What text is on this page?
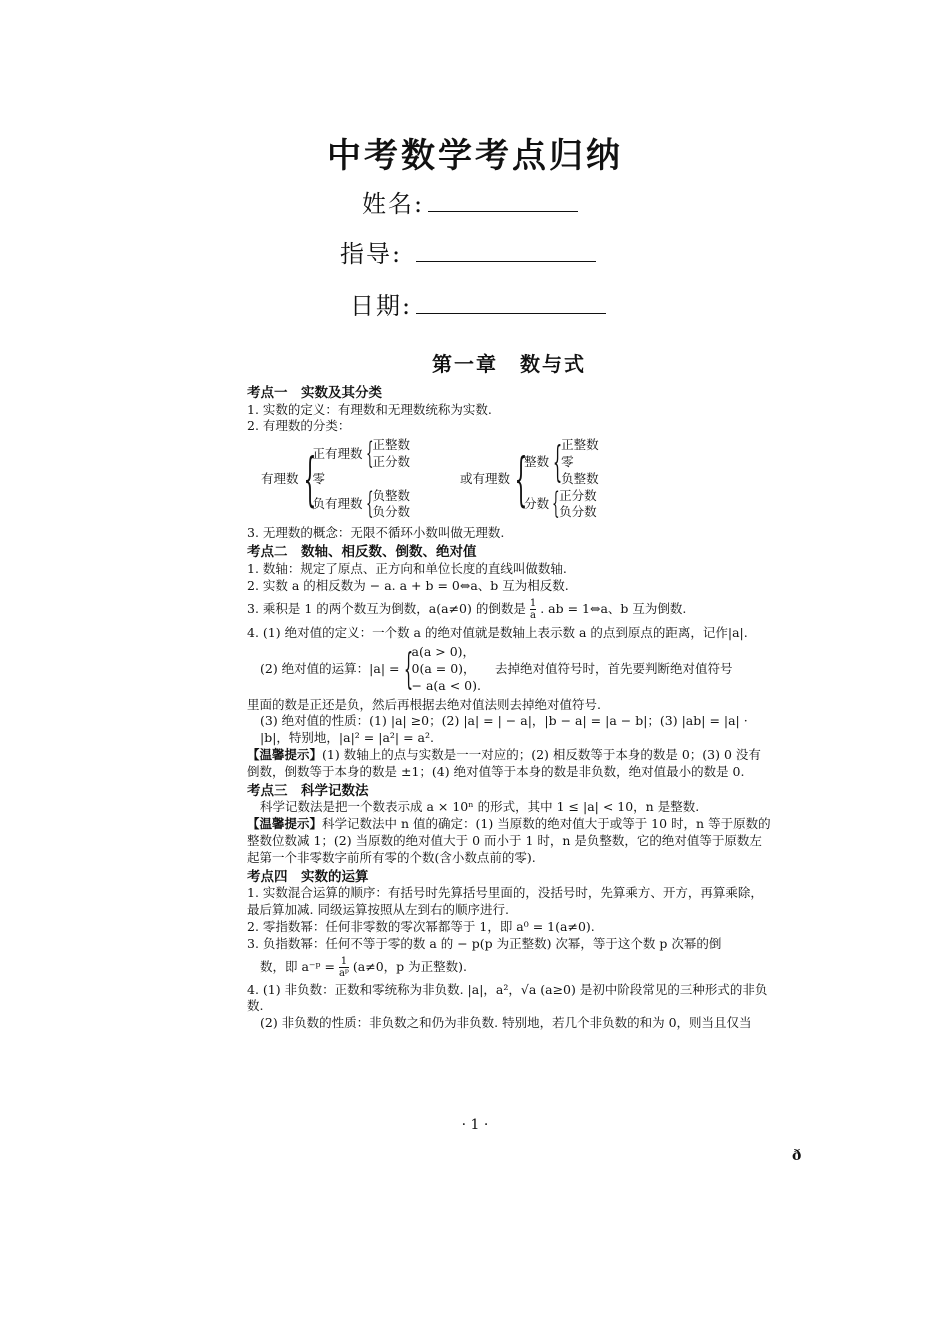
中考数学考点归纳
姓名:
指导:
日期:
第一章　数与式
考点一　实数及其分类

1. 实数的定义：有理数和无理数统称为实数.

2. 有理数的分类：

有理数 {
正有理数 { 正整数
正分数
零
负有理数 { 负整数
负分数
或有理数 {
整数 {
正整数
零
负整数
分数 { 正分数
负分数

3. 无理数的概念：无限不循环小数叫做无理数.

考点二　数轴、相反数、倒数、绝对值

1. 数轴：规定了原点、正方向和单位长度的直线叫做数轴.

2. 实数 a 的相反数为 − a. a + b = 0⇔a、b 互为相反数.

3. 乘积是 1 的两个数互为倒数，a(a≠0) 的倒数是 $\frac{1}{a}$ . ab = 1⇔a、b 互为倒数.

4. (1) 绝对值的定义：一个数 a 的绝对值就是数轴上表示数 a 的点到原点的距离，记作|a|.

(2) 绝对值的运算：|a| = {
a(a > 0)，
0(a = 0)，
− a(a < 0).
去掉绝对值符号时，首先要判断绝对值符号

里面的数是正还是负，然后再根据去绝对值法则去掉绝对值符号.

(3) 绝对值的性质：(1) |a| ≥0；(2) |a| = | − a|，|b − a| = |a − b|；(3) |ab| = |a| · |b|，特别地，|a|² = |a²| = a².

【温馨提示】(1) 数轴上的点与实数是一一对应的；(2) 相反数等于本身的数是 0；(3) 0 没有倒数，倒数等于本身的数是 ±1；(4) 绝对值等于本身的数是非负数，绝对值最小的数是 0.

考点三　科学记数法

科学记数法是把一个数表示成 a × 10ⁿ 的形式，其中 1 ≤ |a| < 10，n 是整数.

【温馨提示】科学记数法中 n 值的确定：(1) 当原数的绝对值大于或等于 10 时，n 等于原数的整数位数减 1；(2) 当原数的绝对值大于 0 而小于 1 时，n 是负整数，它的绝对值等于原数左起第一个非零数字前所有零的个数(含小数点前的零).

考点四　实数的运算

1. 实数混合运算的顺序：有括号时先算括号里面的，没括号时，先算乘方、开方，再算乘除，最后算加减. 同级运算按照从左到右的顺序进行.

2. 零指数幂：任何非零数的零次幂都等于 1，即 a⁰ = 1(a≠0).

3. 负指数幂：任何不等于零的数 a 的 − p(p 为正整数) 次幂，等于这个数 p 次幂的倒

数，即 a⁻ᵖ = $\frac{1}{\text{aᵖ}} (a\ne 0$，p 为正整数).

4. (1) 非负数：正数和零统称为非负数. |a|，a²，√a (a≥0) 是初中阶段常见的三种形式的非负数.

(2) 非负数的性质：非负数之和仍为非负数. 特别地，若几个非负数的和为 0，则当且仅当

· 1 ·
ð
